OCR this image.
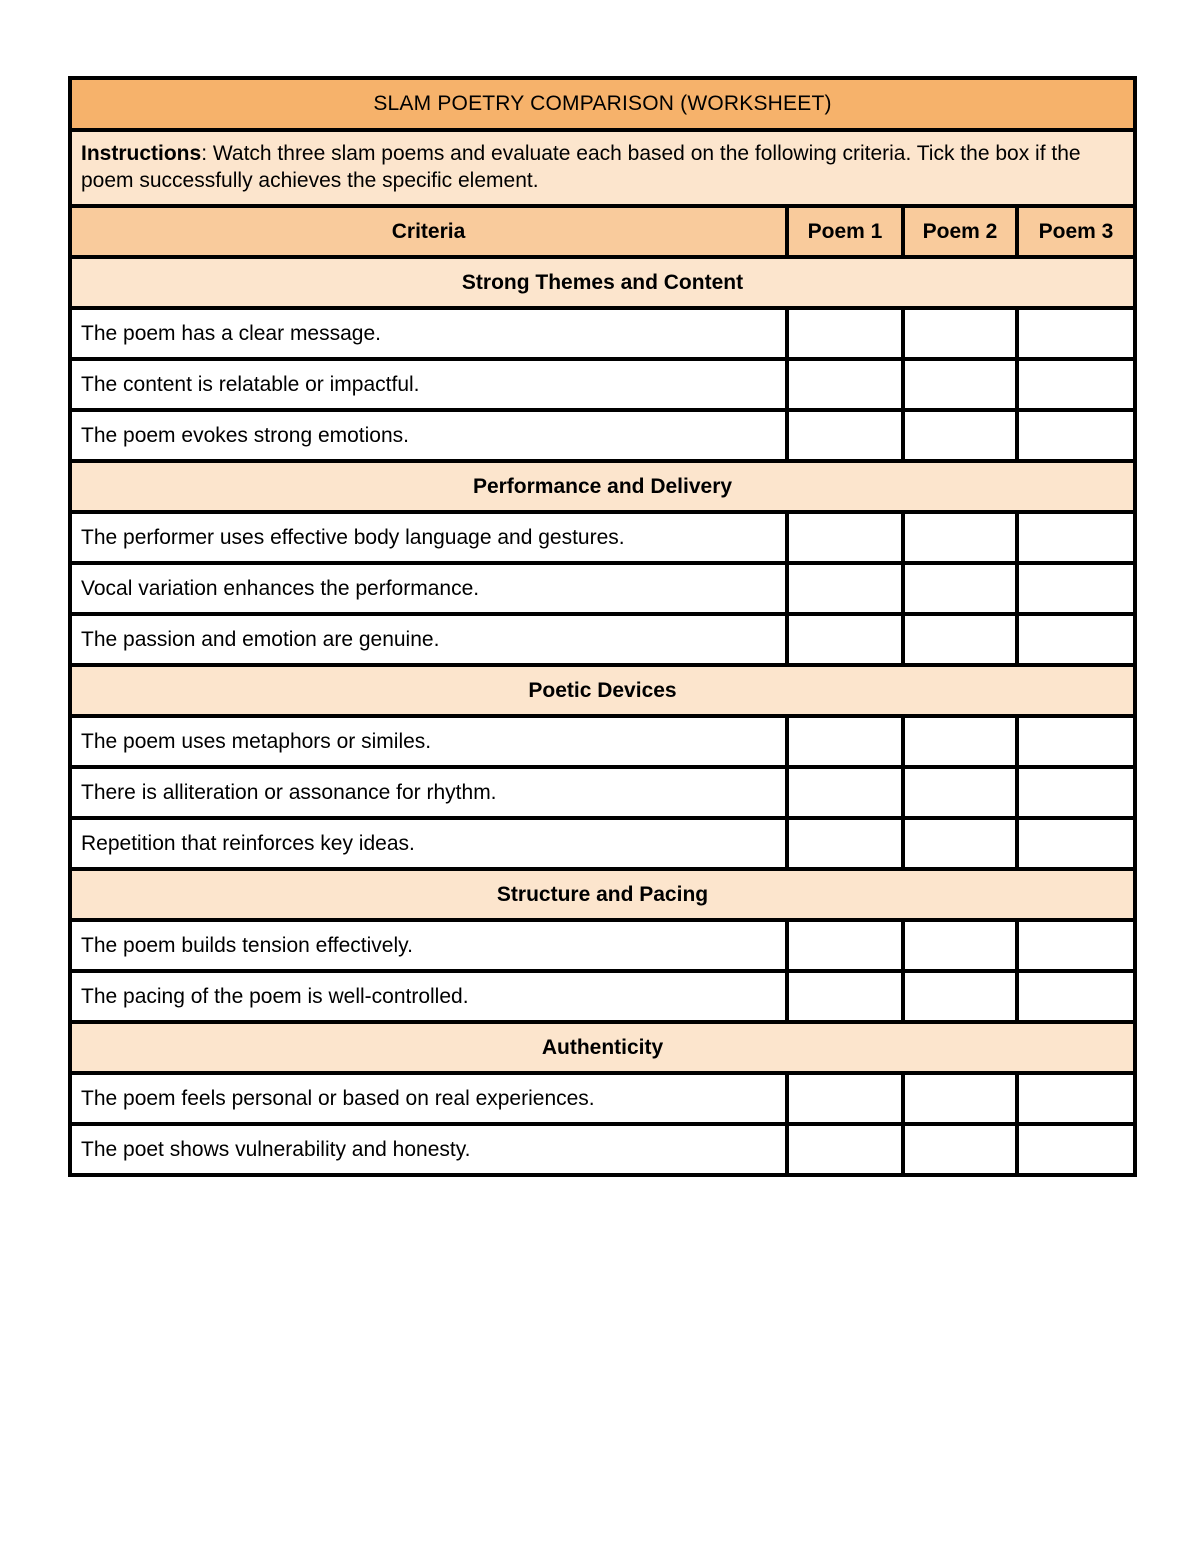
SLAM POETRY COMPARISON (WORKSHEET)			
Instructions: Watch three slam poems and evaluate each based on the following criteria. Tick the box if the poem successfully achieves the specific element.			
Criteria	Poem 1	Poem 2	Poem 3
Strong Themes and Content			
The poem has a clear message.			
The content is relatable or impactful.			
The poem evokes strong emotions.			
Performance and Delivery			
The performer uses effective body language and gestures.			
Vocal variation enhances the performance.			
The passion and emotion are genuine.			
Poetic Devices			
The poem uses metaphors or similes.			
There is alliteration or assonance for rhythm.			
Repetition that reinforces key ideas.			
Structure and Pacing			
The poem builds tension effectively.			
The pacing of the poem is well-controlled.			
Authenticity			
The poem feels personal or based on real experiences.			
The poet shows vulnerability and honesty.			
